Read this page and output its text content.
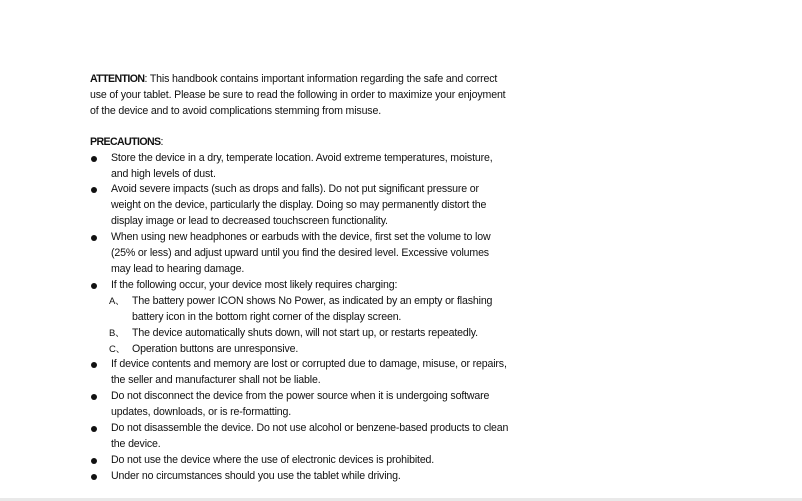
ATTENTION: This handbook contains important information regarding the safe and correct use of your tablet. Please be sure to read the following in order to maximize your enjoyment of the device and to avoid complications stemming from misuse.

PRECAUTIONS:
Store the device in a dry, temperate location. Avoid extreme temperatures, moisture, and high levels of dust.
Avoid severe impacts (such as drops and falls). Do not put significant pressure or weight on the device, particularly the display. Doing so may permanently distort the display image or lead to decreased touchscreen functionality.
When using new headphones or earbuds with the device, first set the volume to low (25% or less) and adjust upward until you find the desired level. Excessive volumes may lead to hearing damage.
If the following occur, your device most likely requires charging:
A、 The battery power ICON shows No Power, as indicated by an empty or flashing battery icon in the bottom right corner of the display screen.
B、 The device automatically shuts down, will not start up, or restarts repeatedly.
C、 Operation buttons are unresponsive.
If device contents and memory are lost or corrupted due to damage, misuse, or repairs, the seller and manufacturer shall not be liable.
Do not disconnect the device from the power source when it is undergoing software updates, downloads, or is re-formatting.
Do not disassemble the device. Do not use alcohol or benzene-based products to clean the device.
Do not use the device where the use of electronic devices is prohibited.
Under no circumstances should you use the tablet while driving.
